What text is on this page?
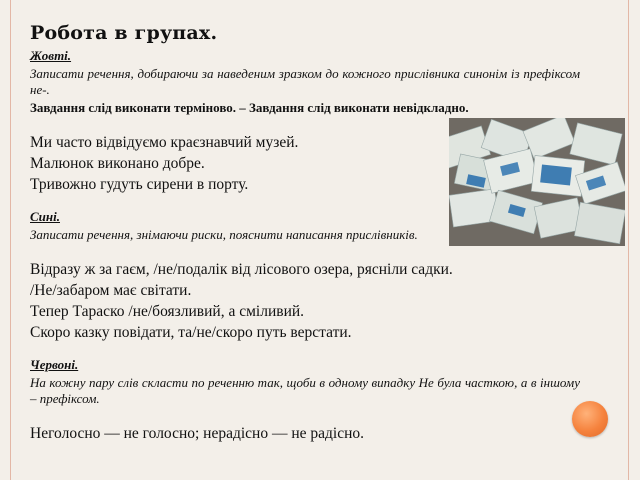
Робота в групах.
Жовті.
Записати речення, добираючи за наведеним зразком до кожного прислівника синонім із префіксом не-.
Завдання слід виконати терміново. – Завдання слід виконати невідкладно.
Ми часто відвідуємо краєзнавчий музей.
Малюнок виконано добре.
Тривожно гудуть сирени в порту.
Сині.
Записати речення, знімаючи риски, пояснити написання прислівників.
Відразу ж за гаєм, /не/подалік від лісового озера, рясніли садки.
/Не/забаром має світати.
Тепер Тараско /не/боязливий, а сміливий.
Скоро казку повідати, та/не/скоро путь верстати.
Червоні.
На кожну пару слів скласти по реченню так, щоби в одному випадку Не була часткою, а в іншому – префіксом.
Неголосно — не голосно; нерадісно — не радісно.
